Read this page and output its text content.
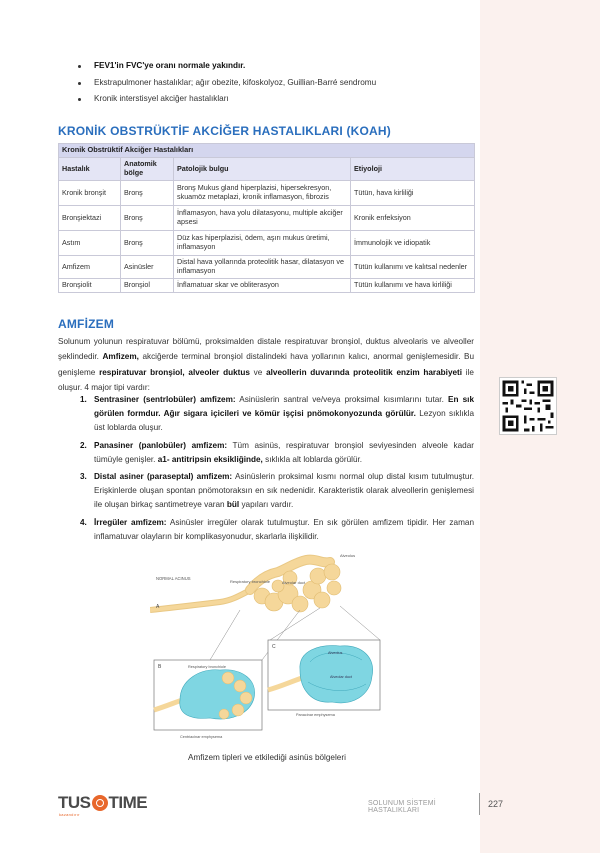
FEV1'in FVC'ye oranı normale yakındır.
Ekstrapulmoner hastalıklar; ağır obezite, kifoskolyoz, Guillian-Barré sendromu
Kronik interstisyel akciğer hastalıkları
KRONİK OBSTRÜKTİF AKCİĞER HASTALIKLARI (KOAH)
Kronik Obstrüktif Akciğer Hastalıkları			
Hastalık	Anatomik bölge	Patolojik bulgu	Etiyoloji
Kronik bronşit	Bronş	Bronş Mukus gland hiperplazisi, hipersekresyon, skuamöz metaplazi, kronik inflamasyon, fibrozis	Tütün, hava kirliliği
Bronşiektazi	Bronş	İnflamasyon, hava yolu dilatasyonu, multiple akciğer apsesi	Kronik enfeksiyon
Astım	Bronş	Düz kas hiperplazisi, ödem, aşırı mukus üretimi, inflamasyon	İmmunolojik ve idiopatik
Amfizem	Asinüsler	Distal hava yollarında proteolitik hasar, dilatasyon ve inflamasyon	Tütün kullanımı ve kalıtsal nedenler
Bronşiolit	Bronşiol	İnflamatuar skar ve obliterasyon	Tütün kullanımı ve hava kirliliği
AMFİZEM

Solunum yolunun respiratuvar bölümü, proksimalden distale respiratuvar bronşiol, duktus alveolaris ve alveoller şeklindedir. Amfizem, akciğerde terminal bronşiol distalindeki hava yollarının kalıcı, anormal genişlemesidir. Bu genişleme respiratuvar bronşiol, alveoler duktus ve alveollerin duvarında proteolitik enzim harabiyeti ile oluşur. 4 major tipi vardır:

1. Sentrasiner (sentrlobüler) amfizem: Asinüslerin santral ve/veya proksimal kısımlarını tutar. En sık görülen formdur. Ağır sigara içicileri ve kömür işçisi pnömokonyozunda görülür. Lezyon sıklıkla üst loblarda oluşur.
2. Panasiner (panlobüler) amfizem: Tüm asinüs, respiratuvar bronşiol seviyesinden alveole kadar tümüyle genişler. a1- antitripsin eksikliğinde, sıklıkla alt loblarda görülür.
3. Distal asiner (paraseptal) amfizem: Asinüslerin proksimal kısmı normal olup distal kısım tutulmuştur. Erişkinlerde oluşan spontan pnömotoraksın en sık nedenidir. Karakteristik olarak alveollerin genişlemesi ile oluşan birkaç santimetreye varan bül yapıları vardır.
4. İrregüler amfizem: Asinüsler irregüler olarak tutulmuştur. En sık görülen amfizem tipidir. Her zaman inflamatuvar olayların bir komplikasyonudur, skarlarla ilişkilidir.
NORMAL ACINUS
Respiratory bronchiole	Alveolar duct
Alveolus
A
B	Respiratory bronchiole
Centriacinar emphysema
C
Alveolus
Alveolar duct
Panacinar emphysema
Amfizem tipleri ve etkilediği asinüs bölgeleri
TUS TIME
kazandırır
SOLUNUM SİSTEMİ HASTALIKLARI
227
